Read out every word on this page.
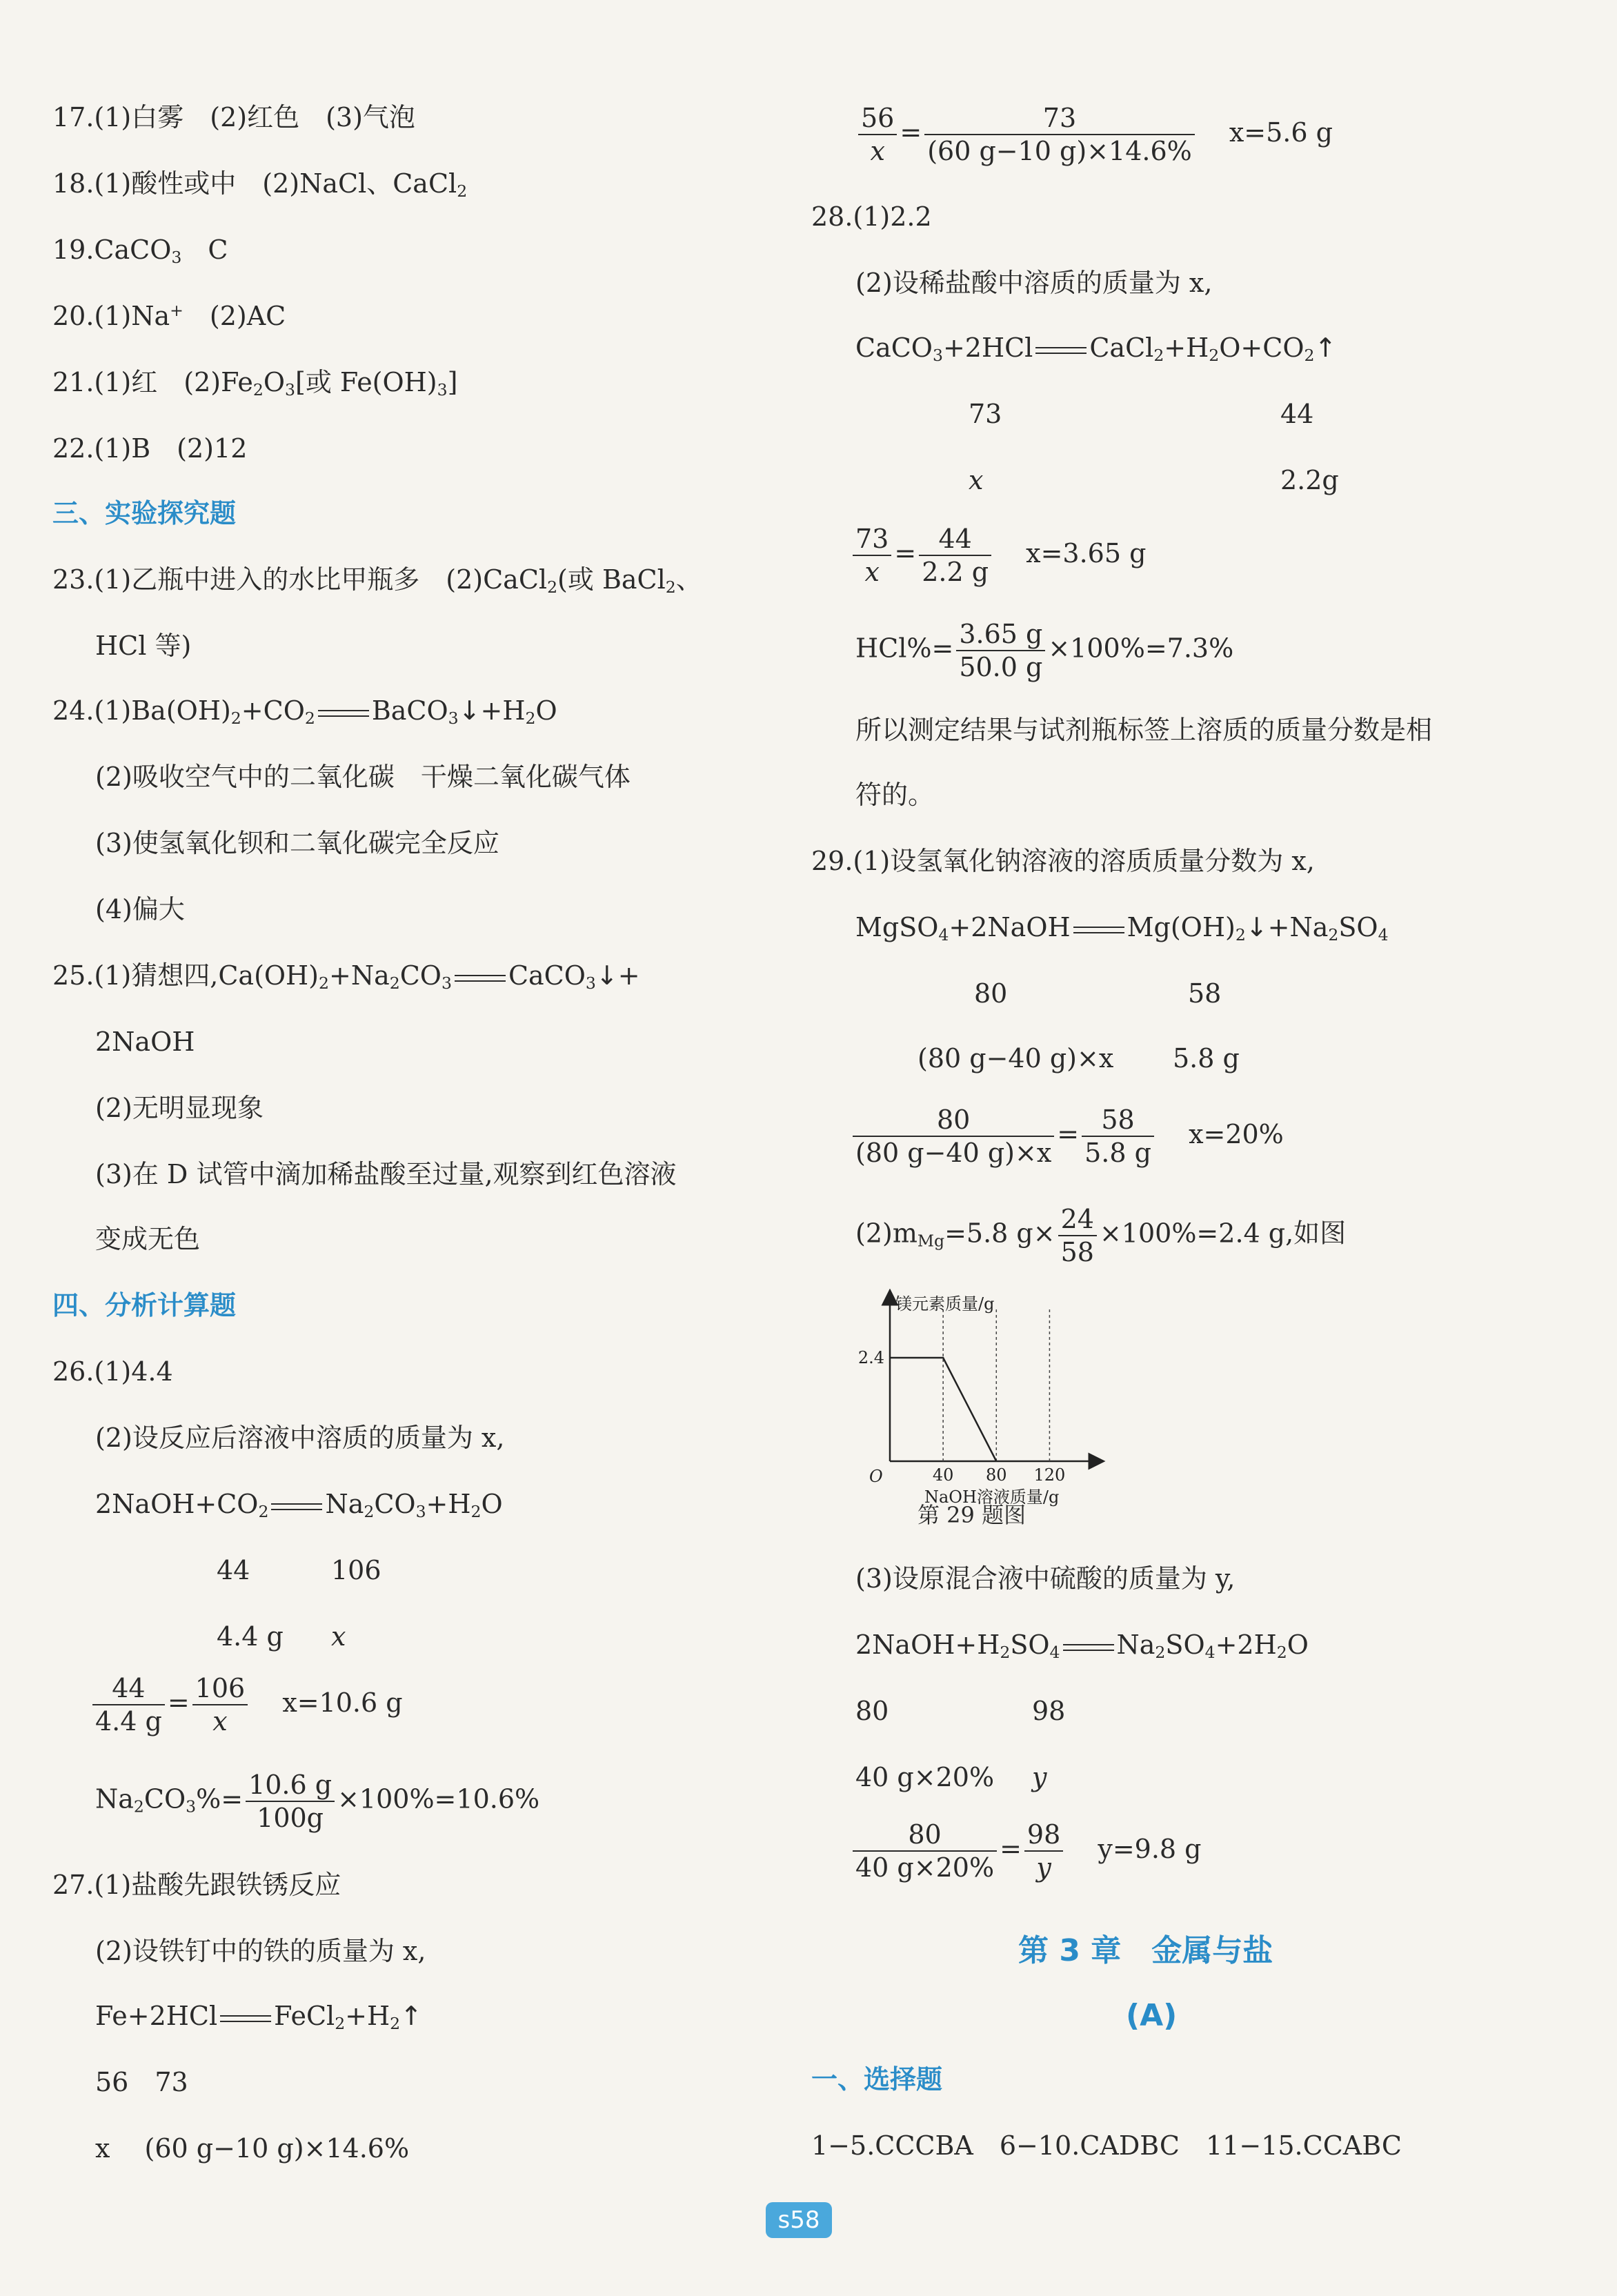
17.(1)白雾　(2)红色　(3)气泡
18.(1)酸性或中　(2)NaCl、CaCl$_2$
19.CaCO$_3$　C
20.(1)Na+　(2)AC
21.(1)红　$(2)Fe_2O_3$[或 $Fe(OH)_3$]
22.(1)B　(2)12
三、实验探究题
23.(1)乙瓶中进入的水比甲瓶多　(2)CaCl$_2$(或 BaCl$_2$、
HCl 等)
$24.(1)Ba(OH)_2+CO_2$ $BaCO_3↓+H_2O$
(2)吸收空气中的二氧化碳　干燥二氧化碳气体
(3)使氢氧化钡和二氧化碳完全反应
(4)偏大
25.(1)猜想四$,Ca(OH)_2+Na_2CO_3$ CaCO$_3$↓+
2NaOH
(2)无明显现象
(3)在 D 试管中滴加稀盐酸至过量,观察到红色溶液
变成无色
四、分析计算题
26.(1)4.4
(2)设反应后溶液中溶质的质量为 x,
$2NaOH+CO_2$ $Na_2CO_3+H_2O$
44	106
4.4 g x
$\frac{44}{4.4 g} = \frac{106}{x} x=10.6$ g
$Na_2CO_3\%= \frac{10.6 g}{100g} \times 100\%=10.6\%$
27.(1)盐酸先跟铁锈反应
(2)设铁钉中的铁的质量为 x,
Fe+2HCl $FeCl_2+H_2↑$
56　73
x　 (60 g−10 g)×14.6%
$\frac{56}{x} = \frac{73}{(60 g-10 g)\times 14.6\%} x=5.6$ g
28.(1)2.2
(2)设稀盐酸中溶质的质量为 x,
CaCO$_3$+2HCl $CaCl_2+H_2O+CO_2↑$
73	44
x	2.2g
$\frac{73}{x} = \frac{44}{2.2 g} x=3.65$ g
$HCl\%= \frac{3.65 g}{50.0 g} \times 100\%=7.3\%$
所以测定结果与试剂瓶标签上溶质的质量分数是相
符的。
29.(1)设氢氧化钠溶液的溶质质量分数为 x,
MgSO$_4$+2NaOH $Mg(OH)_2↓+Na_2SO_4$
80	58
(80 g−40 g)×x 5.8 g
$\frac{80}{(80 g-40 g)\times x} = \frac{58}{5.8 g} x=20\%$
$(2)m_{Mg}=5.8$ $g\times \frac{24}{58} \times 100\%=2.4$ g,如图
镁元素质量/g
O	40 80 120
2.4
NaOH溶液质量/g
第 29 题图
(3)设原混合液中硫酸的质量为 y,
$2NaOH+H_2SO_4$ $Na_2SO_4+2H_2O$
80	98
40 g×20% y
$\frac{80}{40 g\times 20\%} = \frac{98}{y} y=9.8$ g
第 3 章　金属与盐
(A)
一、选择题
1−5.CCCBA　6−10.CADBC　11−15.CCABC
s58
